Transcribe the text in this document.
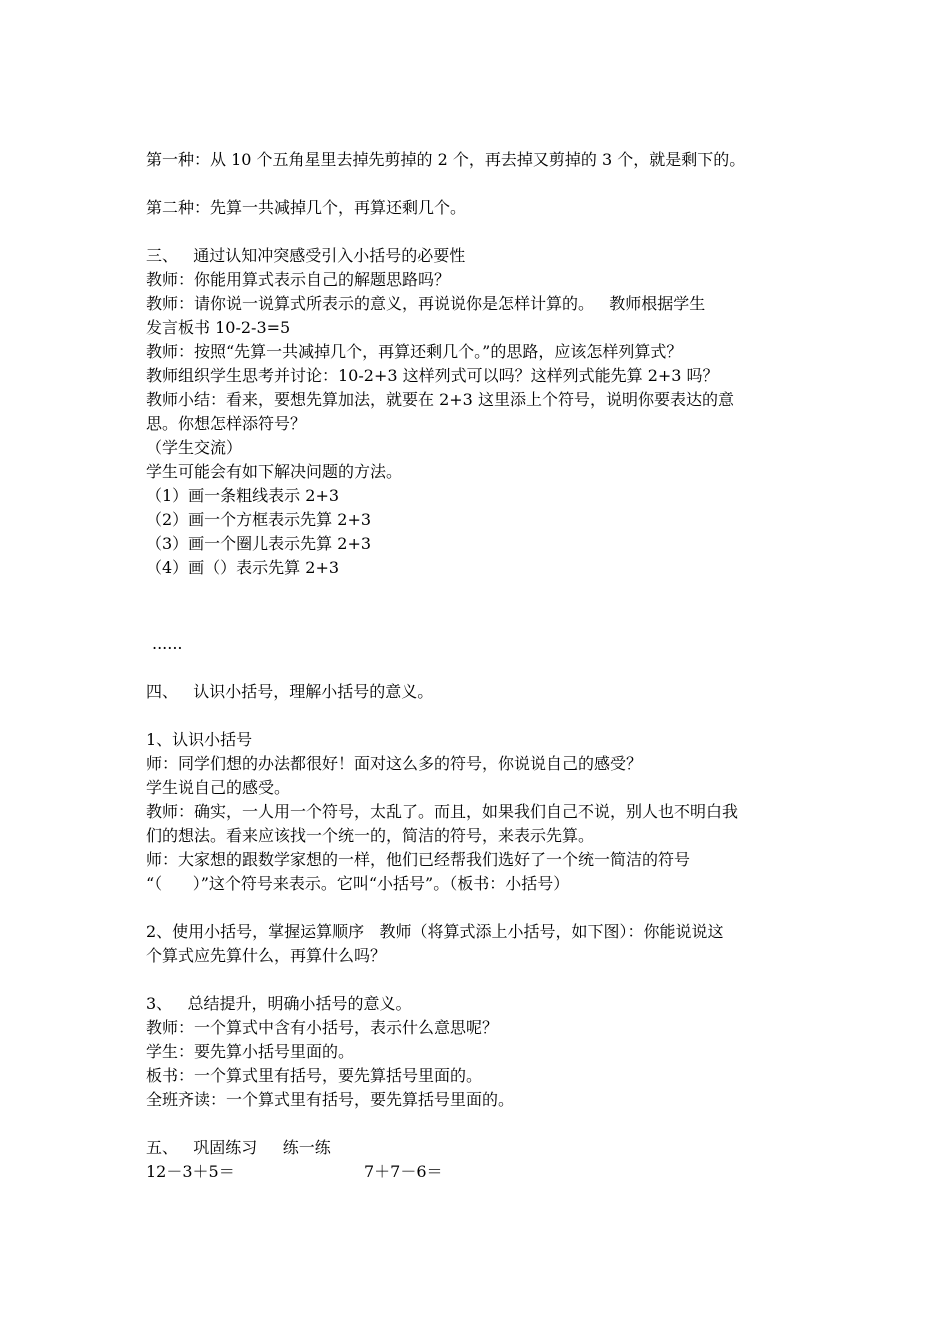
第一种：从 10 个五角星里去掉先剪掉的 2 个，再去掉又剪掉的 3 个，就是剩下的。
第二种：先算一共减掉几个，再算还剩几个。
三、   通过认知冲突感受引入小括号的必要性
教师：你能用算式表示自己的解题思路吗？
教师：请你说一说算式所表示的意义，再说说你是怎样计算的。   教师根据学生
发言板书 10-2-3=5
教师：按照“先算一共减掉几个，再算还剩几个。”的思路，应该怎样列算式？
教师组织学生思考并讨论：10-2+3 这样列式可以吗？这样列式能先算 2+3 吗？
教师小结：看来，要想先算加法，就要在 2+3 这里添上个符号，说明你要表达的意
思。你想怎样添符号？
（学生交流）
学生可能会有如下解决问题的方法。
（1）画一条粗线表示 2+3
（2）画一个方框表示先算 2+3
（3）画一个圈儿表示先算 2+3
（4）画（）表示先算 2+3
......
四、   认识小括号，理解小括号的意义。
1、认识小括号
师：同学们想的办法都很好！面对这么多的符号，你说说自己的感受？
学生说自己的感受。
教师：确实，一人用一个符号，太乱了。而且，如果我们自己不说，别人也不明白我
们的想法。看来应该找一个统一的，简洁的符号，来表示先算。
师：大家想的跟数学家想的一样，他们已经帮我们选好了一个统一简洁的符号
“（      ）”这个符号来表示。它叫“小括号”。（板书：小括号）
2、使用小括号，掌握运算顺序   教师（将算式添上小括号，如下图）：你能说说这
个算式应先算什么，再算什么吗？
3、   总结提升，明确小括号的意义。
教师：一个算式中含有小括号，表示什么意思呢？
学生：要先算小括号里面的。
板书：一个算式里有括号，要先算括号里面的。
全班齐读：一个算式里有括号，要先算括号里面的。
五、   巩固练习     练一练
12－3＋5＝	7＋7－6＝
